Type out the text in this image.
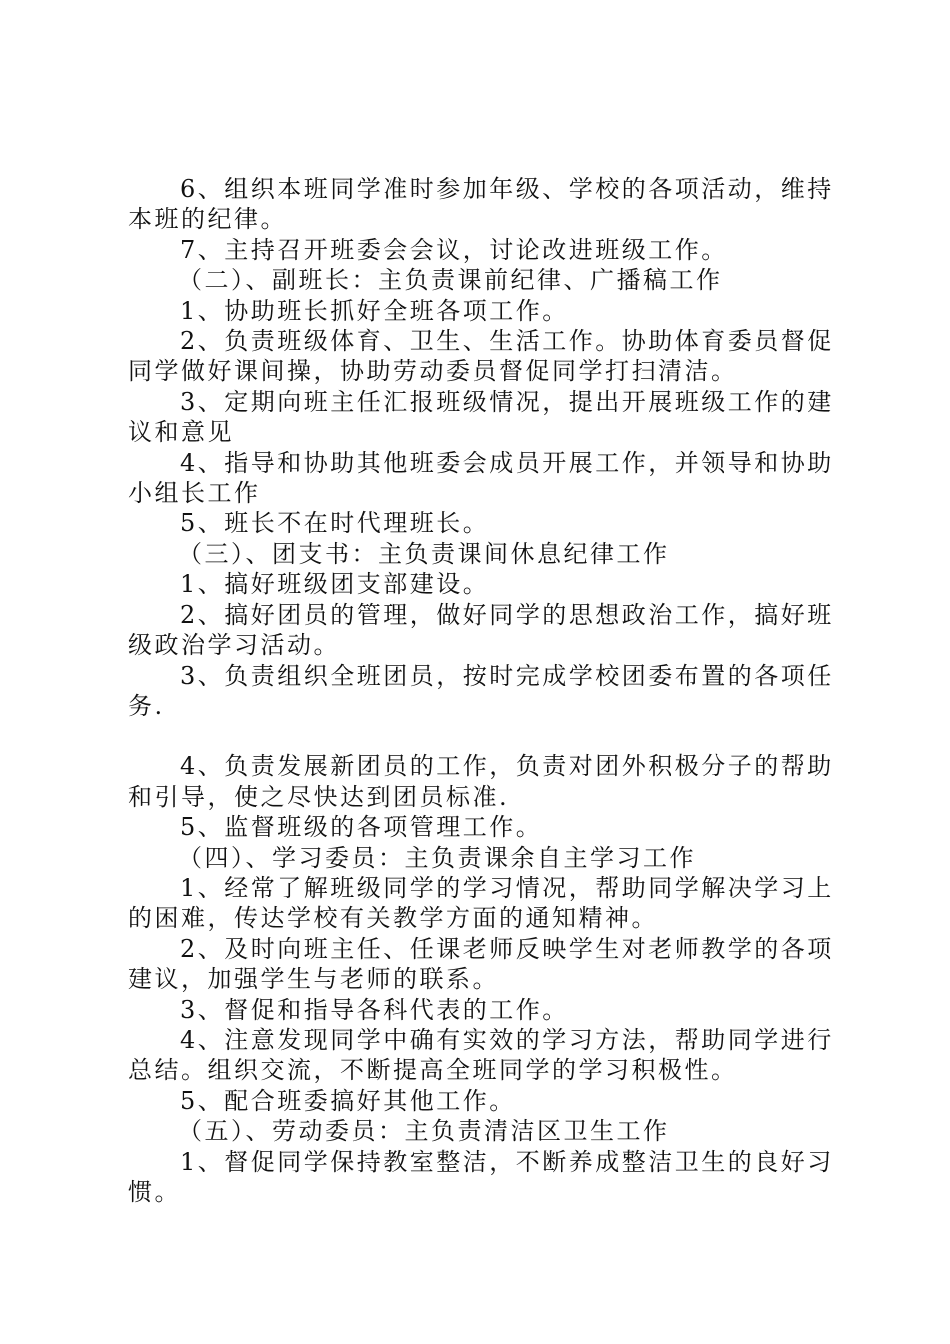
6、组织本班同学准时参加年级、学校的各项活动，维持本班的纪律。

7、主持召开班委会会议，讨论改进班级工作。

（二）、副班长：主负责课前纪律、广播稿工作

1、协助班长抓好全班各项工作。

2、负责班级体育、卫生、生活工作。协助体育委员督促同学做好课间操，协助劳动委员督促同学打扫清洁。

3、定期向班主任汇报班级情况，提出开展班级工作的建议和意见

4、指导和协助其他班委会成员开展工作，并领导和协助小组长工作

5、班长不在时代理班长。

（三）、团支书：主负责课间休息纪律工作

1、搞好班级团支部建设。

2、搞好团员的管理，做好同学的思想政治工作，搞好班级政治学习活动。

3、负责组织全班团员，按时完成学校团委布置的各项任务.

4、负责发展新团员的工作，负责对团外积极分子的帮助和引导，使之尽快达到团员标准.

5、监督班级的各项管理工作。

（四）、学习委员：主负责课余自主学习工作

1、经常了解班级同学的学习情况，帮助同学解决学习上的困难，传达学校有关教学方面的通知精神。

2、及时向班主任、任课老师反映学生对老师教学的各项建议，加强学生与老师的联系。

3、督促和指导各科代表的工作。

4、注意发现同学中确有实效的学习方法，帮助同学进行总结。组织交流，不断提高全班同学的学习积极性。

5、配合班委搞好其他工作。

（五）、劳动委员：主负责清洁区卫生工作

1、督促同学保持教室整洁，不断养成整洁卫生的良好习惯。
